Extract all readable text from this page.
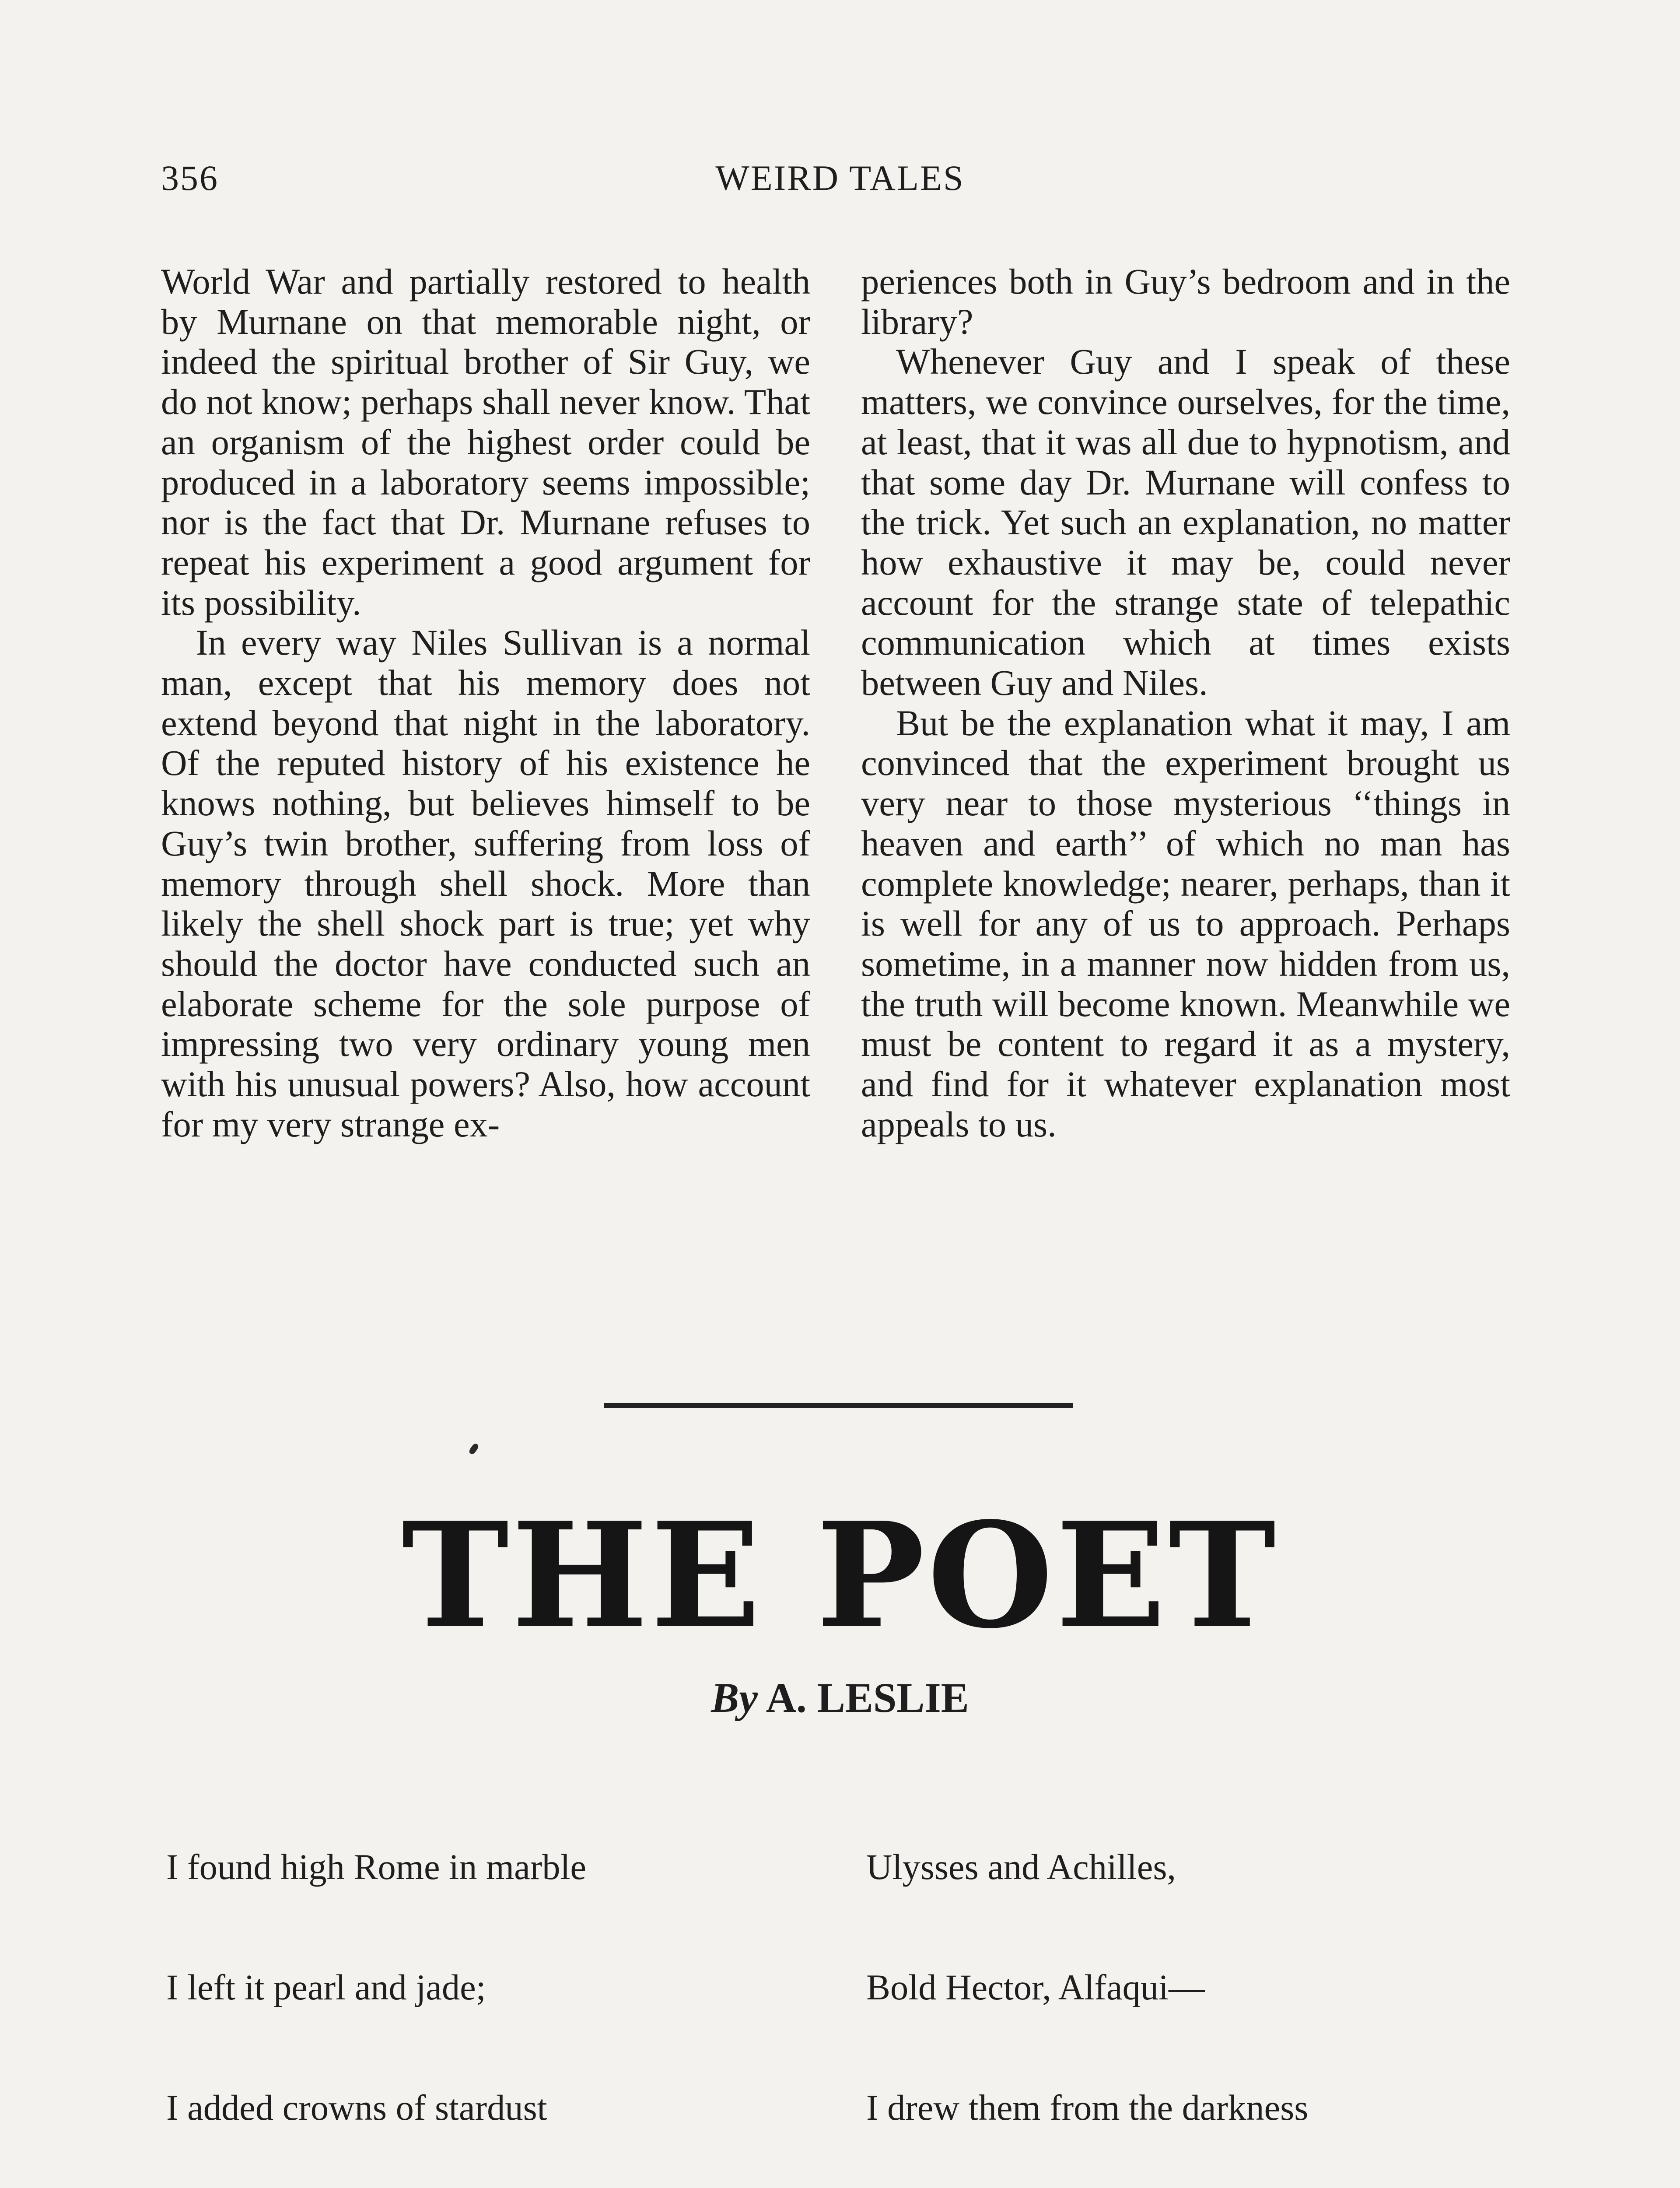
356	WEIRD TALES

World War and partially restored to health by Murnane on that memorable night, or indeed the spiritual brother of Sir Guy, we do not know; perhaps shall never know. That an organism of the highest order could be produced in a laboratory seems impossible; nor is the fact that Dr. Murnane refuses to repeat his experiment a good argument for its possibility.

In every way Niles Sullivan is a normal man, except that his memory does not extend beyond that night in the laboratory. Of the reputed history of his existence he knows nothing, but believes himself to be Guy’s twin brother, suffering from loss of memory through shell shock. More than likely the shell shock part is true; yet why should the doctor have conducted such an elaborate scheme for the sole purpose of impressing two very ordinary young men with his unusual powers? Also, how account for my very strange ex-

periences both in Guy’s bedroom and in the library?

Whenever Guy and I speak of these matters, we convince ourselves, for the time, at least, that it was all due to hypnotism, and that some day Dr. Murnane will confess to the trick. Yet such an explanation, no matter how exhaustive it may be, could never account for the strange state of telepathic communication which at times exists between Guy and Niles.

But be the explanation what it may, I am convinced that the experiment brought us very near to those mysterious ‘‘things in heaven and earth’’ of which no man has complete knowledge; nearer, perhaps, than it is well for any of us to approach. Perhaps sometime, in a manner now hidden from us, the truth will become known. Meanwhile we must be content to regard it as a mystery, and find for it whatever explanation most appeals to us.

THE POET
By A. LESLIE

I found high Rome in marble

I left it pearl and jade;

I added crowns of stardust

Ulysses and Achilles,

Bold Hector, Alfaqui—

I drew them from the darkness
